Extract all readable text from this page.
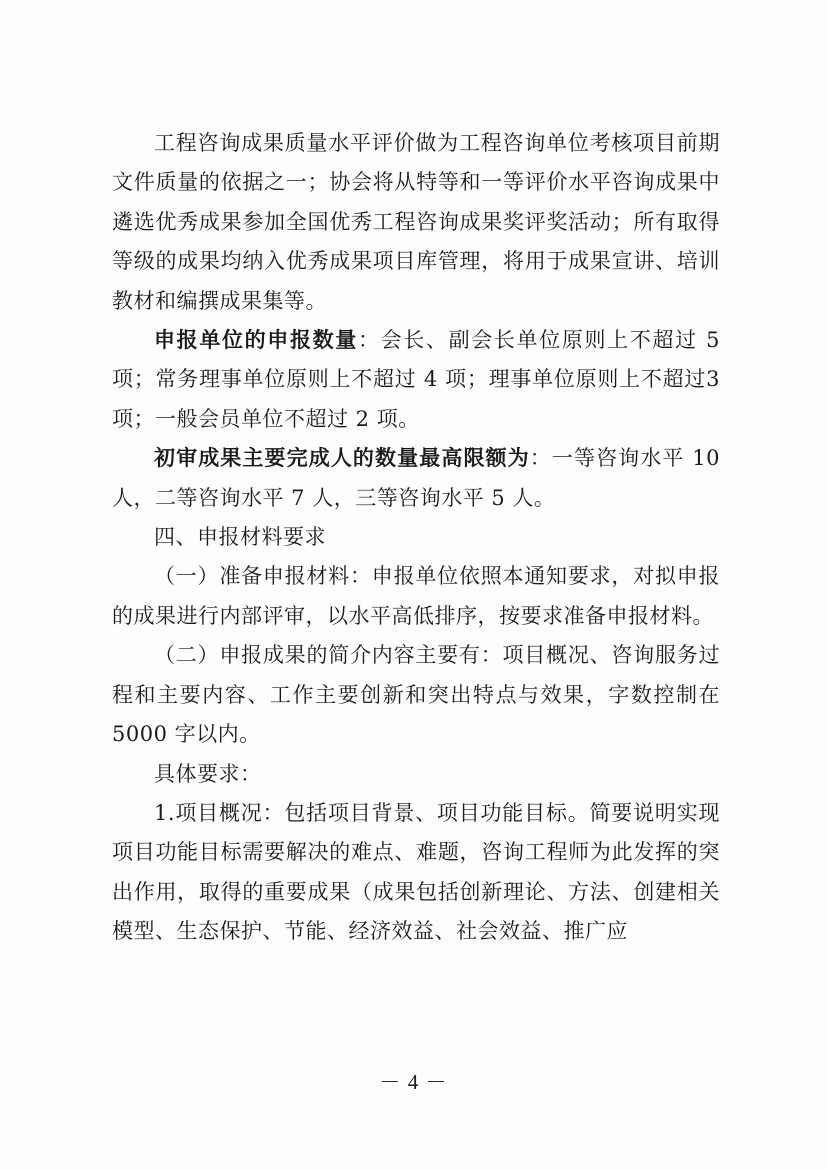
工程咨询成果质量水平评价做为工程咨询单位考核项目前期文件质量的依据之一；协会将从特等和一等评价水平咨询成果中遴选优秀成果参加全国优秀工程咨询成果奖评奖活动；所有取得等级的成果均纳入优秀成果项目库管理，将用于成果宣讲、培训教材和编撰成果集等。

申报单位的申报数量：会长、副会长单位原则上不超过 5项；常务理事单位原则上不超过 4 项；理事单位原则上不超过3 项；一般会员单位不超过 2 项。

初审成果主要完成人的数量最高限额为：一等咨询水平 10 人，二等咨询水平 7 人，三等咨询水平 5 人。

四、申报材料要求

（一）准备申报材料：申报单位依照本通知要求，对拟申报的成果进行内部评审，以水平高低排序，按要求准备申报材料。

（二）申报成果的简介内容主要有：项目概况、咨询服务过程和主要内容、工作主要创新和突出特点与效果，字数控制在 5000 字以内。

具体要求：

1.项目概况：包括项目背景、项目功能目标。简要说明实现项目功能目标需要解决的难点、难题，咨询工程师为此发挥的突出作用，取得的重要成果（成果包括创新理论、方法、创建相关模型、生态保护、节能、经济效益、社会效益、推广应

－ 4 －
